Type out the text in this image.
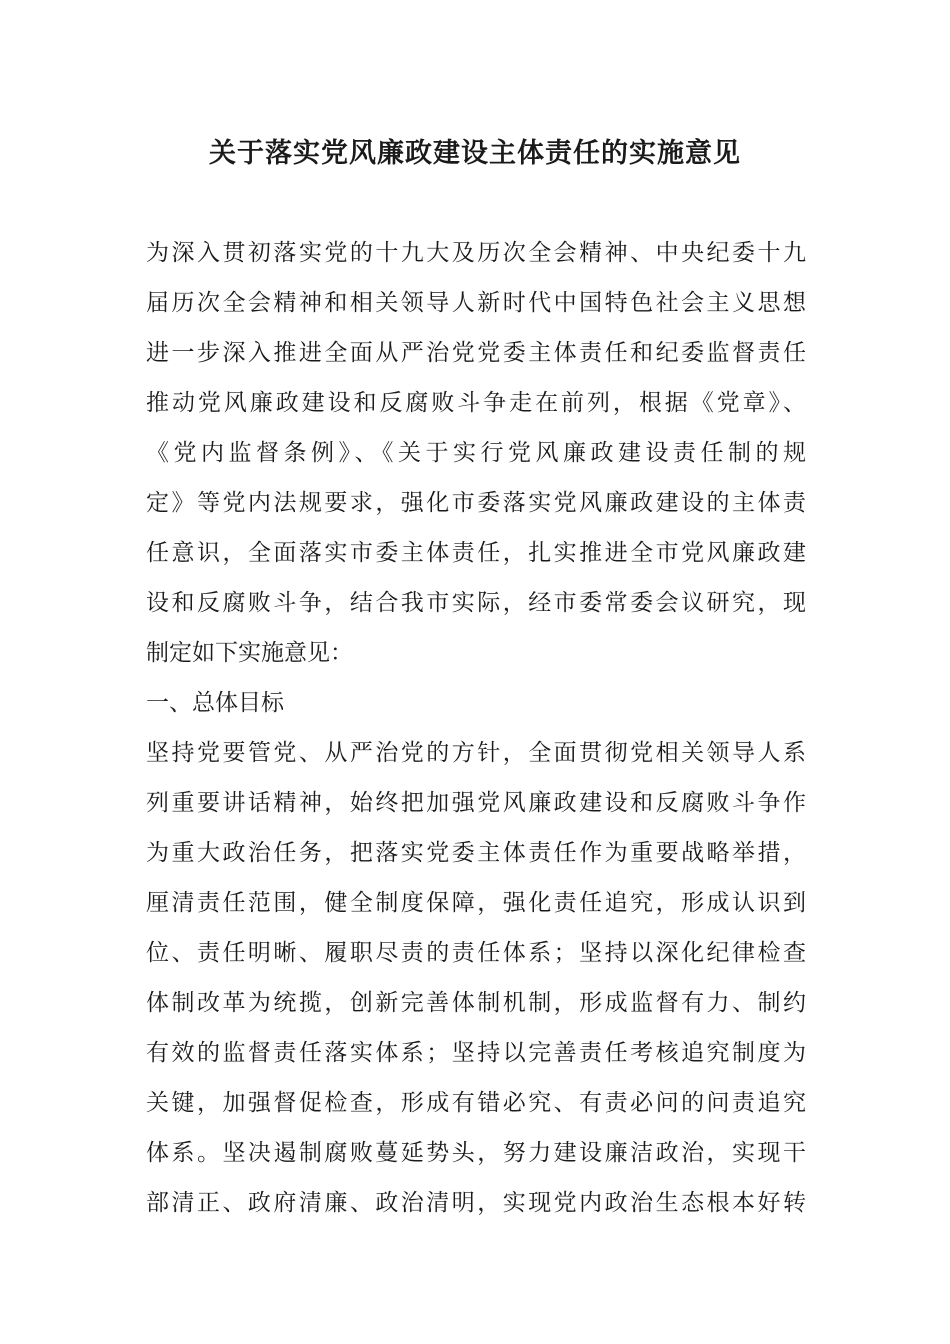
关于落实党风廉政建设主体责任的实施意见
为深入贯初落实党的十九大及历次全会精神、中央纪委十九
届历次全会精神和相关领导人新时代中国特色社会主义思想
进一步深入推进全面从严治党党委主体责任和纪委监督责任
推动党风廉政建设和反腐败斗争走在前列，根据《党章》、
《党内监督条例》、《关于实行党风廉政建设责任制的规
定》等党内法规要求，强化市委落实党风廉政建设的主体责
任意识，全面落实市委主体责任，扎实推进全市党风廉政建
设和反腐败斗争，结合我市实际，经市委常委会议研究，现
制定如下实施意见：
一、总体目标
坚持党要管党、从严治党的方针，全面贯彻党相关领导人系
列重要讲话精神，始终把加强党风廉政建设和反腐败斗争作
为重大政治任务，把落实党委主体责任作为重要战略举措，
厘清责任范围，健全制度保障，强化责任追究，形成认识到
位、责任明晰、履职尽责的责任体系；坚持以深化纪律检查
体制改革为统揽，创新完善体制机制，形成监督有力、制约
有效的监督责任落实体系；坚持以完善责任考核追究制度为
关键，加强督促检查，形成有错必究、有责必问的问责追究
体系。坚决遏制腐败蔓延势头，努力建设廉洁政治，实现干
部清正、政府清廉、政治清明，实现党内政治生态根本好转
